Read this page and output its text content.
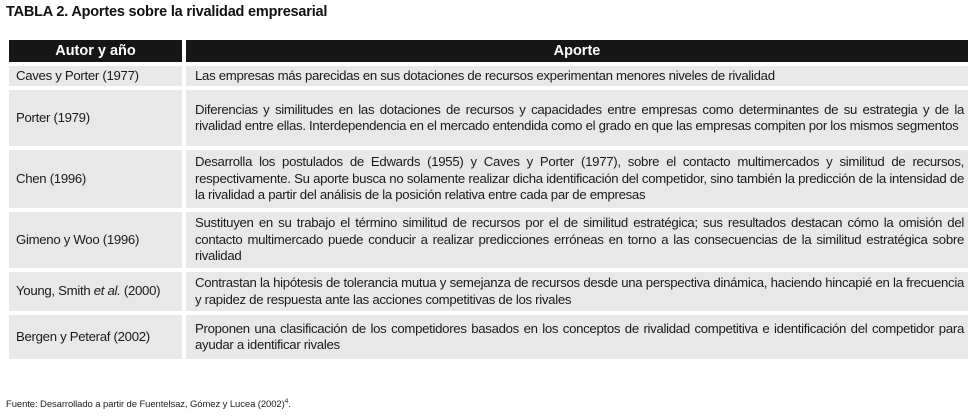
TABLA 2. Aportes sobre la rivalidad empresarial
Autor y año	Aporte
Caves y Porter (1977)	Las empresas más parecidas en sus dotaciones de recursos experimentan menores niveles de rivalidad
Porter (1979)	Diferencias y similitudes en las dotaciones de recursos y capacidades entre empresas como determinantes de su estrategia y de la rivalidad entre ellas. Interdependencia en el mercado entendida como el grado en que las empresas compiten por los mismos segmentos
Chen (1996)	Desarrolla los postulados de Edwards (1955) y Caves y Porter (1977), sobre el contacto multimercados y similitud de recursos, respectivamente. Su aporte busca no solamente realizar dicha identificación del competidor, sino también la predicción de la intensidad de la rivalidad a partir del análisis de la posición relativa entre cada par de empresas
Gimeno y Woo (1996)	Sustituyen en su trabajo el término similitud de recursos por el de similitud estratégica; sus resultados destacan cómo la omisión del contacto multimercado puede conducir a realizar predicciones erróneas en torno a las consecuencias de la similitud estratégica sobre rivalidad
Young, Smith et al. (2000)	Contrastan la hipótesis de tolerancia mutua y semejanza de recursos desde una perspectiva dinámica, haciendo hincapié en la frecuencia y rapidez de respuesta ante las acciones competitivas de los rivales
Bergen y Peteraf (2002)	Proponen una clasificación de los competidores basados en los conceptos de rivalidad competitiva e identificación del competidor para ayudar a identificar rivales
Fuente: Desarrollado a partir de Fuentelsaz, Gómez y Lucea $(2002)^4$.
